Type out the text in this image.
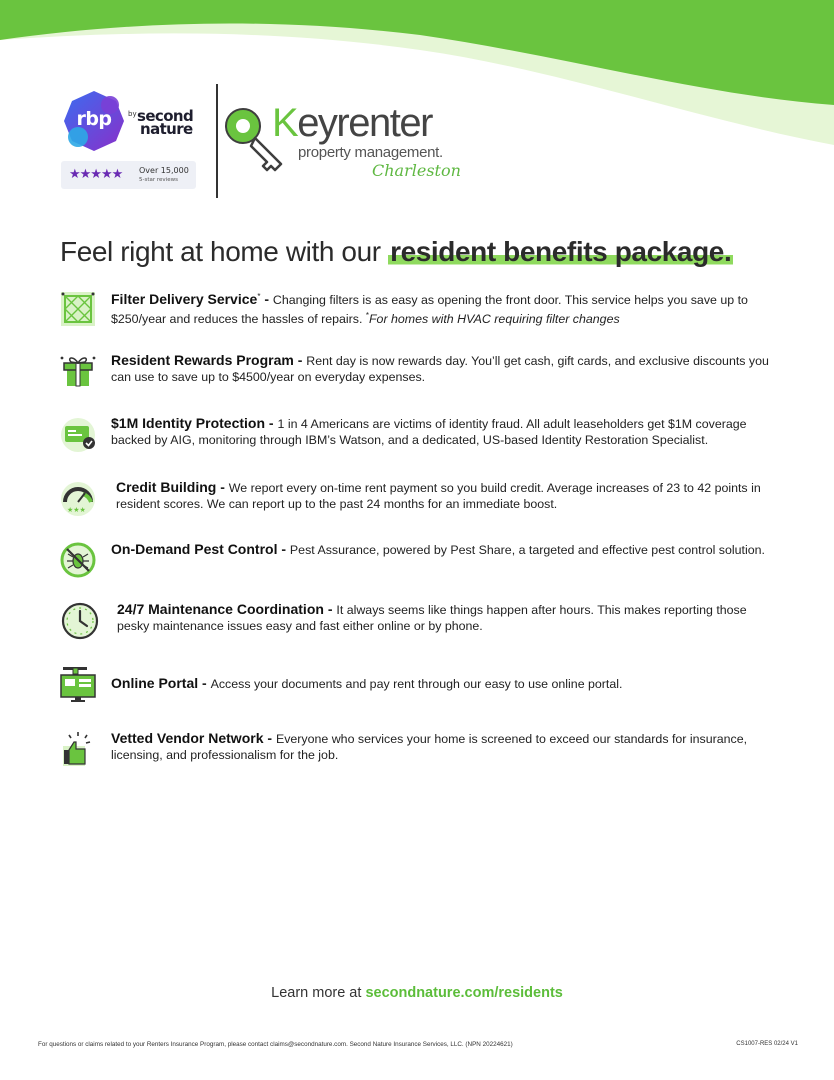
rbp	by second
nature
★★★★★ Over 15,000
5-star reviews
Keyrenter
property management.
Charleston
Feel right at home with our resident benefits package.
Filter Delivery Service* - Changing filters is as easy as opening the front door. This service helps you save up to $250/year and reduces the hassles of repairs. *For homes with HVAC requiring filter changes
Resident Rewards Program - Rent day is now rewards day. You’ll get cash, gift cards, and exclusive discounts you can use to save up to $4500/year on everyday expenses.
$1M Identity Protection - 1 in 4 Americans are victims of identity fraud. All adult leaseholders get $1M coverage backed by AIG, monitoring through IBM’s Watson, and a dedicated, US-based Identity Restoration Specialist.
★★★
Credit Building - We report every on-time rent payment so you build credit. Average increases of 23 to 42 points in resident scores. We can report up to the past 24 months for an immediate boost.
On-Demand Pest Control - Pest Assurance, powered by Pest Share, a targeted and effective pest control solution.
24/7 Maintenance Coordination - It always seems like things happen after hours. This makes reporting those pesky maintenance issues easy and fast either online or by phone.
Online Portal - Access your documents and pay rent through our easy to use online portal.
Vetted Vendor Network - Everyone who services your home is screened to exceed our standards for insurance, licensing, and professionalism for the job.
Learn more at secondnature.com/residents
For questions or claims related to your Renters Insurance Program, please contact claims@secondnature.com. Second Nature Insurance Services, LLC. (NPN 20224621)	CS1007-RES 02/24 V1
